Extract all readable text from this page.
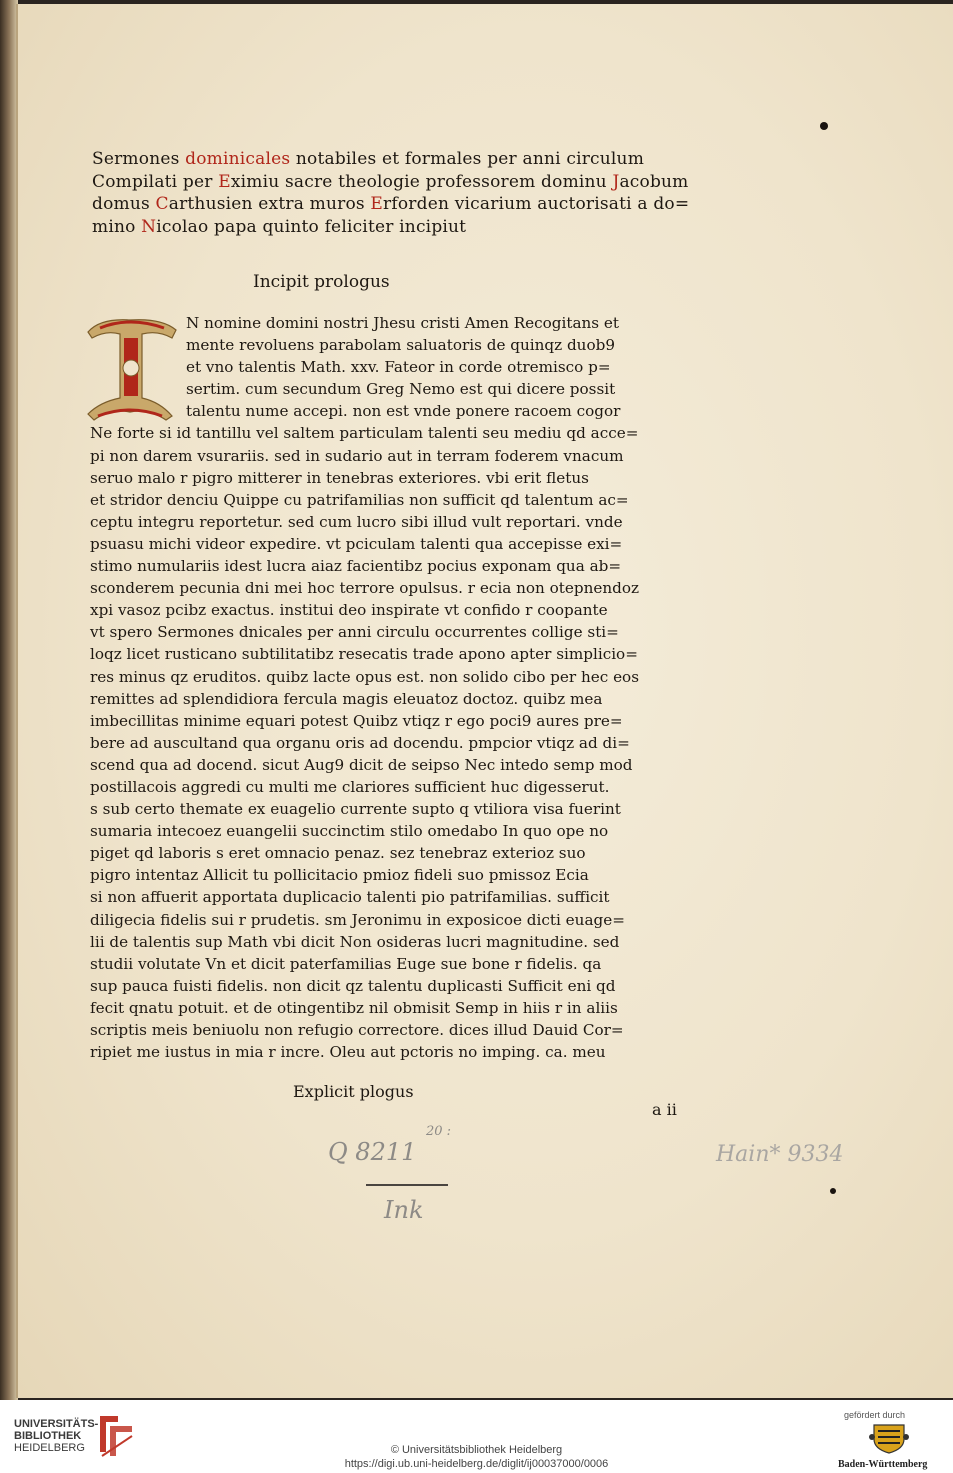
Sermones dominicales notabiles et formales per anni circulum
Compilati per Eximiu sacre theologie professorem dominu Jacobum
domus Carthusien extra muros Erforden vicarium auctorisati a do=
mino Nicolao papa quinto feliciter incipiut
Incipit prologus
N nomine domini nostri Jhesu cristi Amen Recogitans et
mente revoluens parabolam saluatoris de quinqz duob9
et vno talentis Math. xxv. Fateor in corde otremisco p=
sertim. cum secundum Greg Nemo est qui dicere possit
talentu nume accepi. non est vnde ponere racoem cogor
Ne forte si id tantillu vel saltem particulam talenti seu mediu qd acce=
pi non darem vsurariis. sed in sudario aut in terram foderem vnacum
seruo malo r pigro mitterer in tenebras exteriores. vbi erit fletus
et stridor denciu Quippe cu patrifamilias non sufficit qd talentum ac=
ceptu integru reportetur. sed cum lucro sibi illud vult reportari. vnde
psuasu michi videor expedire. vt pciculam talenti qua accepisse exi=
stimo numulariis idest lucra aiaz facientibz pocius exponam qua ab=
sconderem pecunia dni mei hoc terrore opulsus. r ecia non otepnendoz
xpi vasoz pcibz exactus. institui deo inspirate vt confido r coopante
vt spero Sermones dnicales per anni circulu occurrentes collige sti=
loqz licet rusticano subtilitatibz resecatis trade apono apter simplicio=
res minus qz eruditos. quibz lacte opus est. non solido cibo per hec eos
remittes ad splendidiora fercula magis eleuatoz doctoz. quibz mea
imbecillitas minime equari potest Quibz vtiqz r ego poci9 aures pre=
bere ad auscultand qua organu oris ad docendu. pmpcior vtiqz ad di=
scend qua ad docend. sicut Aug9 dicit de seipso Nec intedo semp mod
postillacois aggredi cu multi me clariores sufficient huc digesserut.
s sub certo themate ex euagelio currente supto q vtiliora visa fuerint
sumaria intecoez euangelii succinctim stilo omedabo In quo ope no
piget qd laboris s eret omnacio penaz. sez tenebraz exterioz suo
pigro intentaz Allicit tu pollicitacio pmioz fideli suo pmissoz Ecia
si non affuerit apportata duplicacio talenti pio patrifamilias. sufficit
diligecia fidelis sui r prudetis. sm Jeronimu in exposicoe dicti euage=
lii de talentis sup Math vbi dicit Non osideras lucri magnitudine. sed
studii volutate Vn et dicit paterfamilias Euge sue bone r fidelis. qa
sup pauca fuisti fidelis. non dicit qz talentu duplicasti Sufficit eni qd
fecit qnatu potuit. et de otingentibz nil obmisit Semp in hiis r in aliis
scriptis meis beniuolu non refugio correctore. dices illud Dauid Cor=
ripiet me iustus in mia r incre. Oleu aut pctoris no imping. ca. meu
Explicit plogus
a ii
Q 8211
20 :
Ink
Hain* 9334
UNIVERSITÄTS-
BIBLIOTHEK
HEIDELBERG	© Universitätsbibliothek Heidelberg
https://digi.ub.uni-heidelberg.de/diglit/ij00037000/0006
gefördert durch
Baden-Württemberg
